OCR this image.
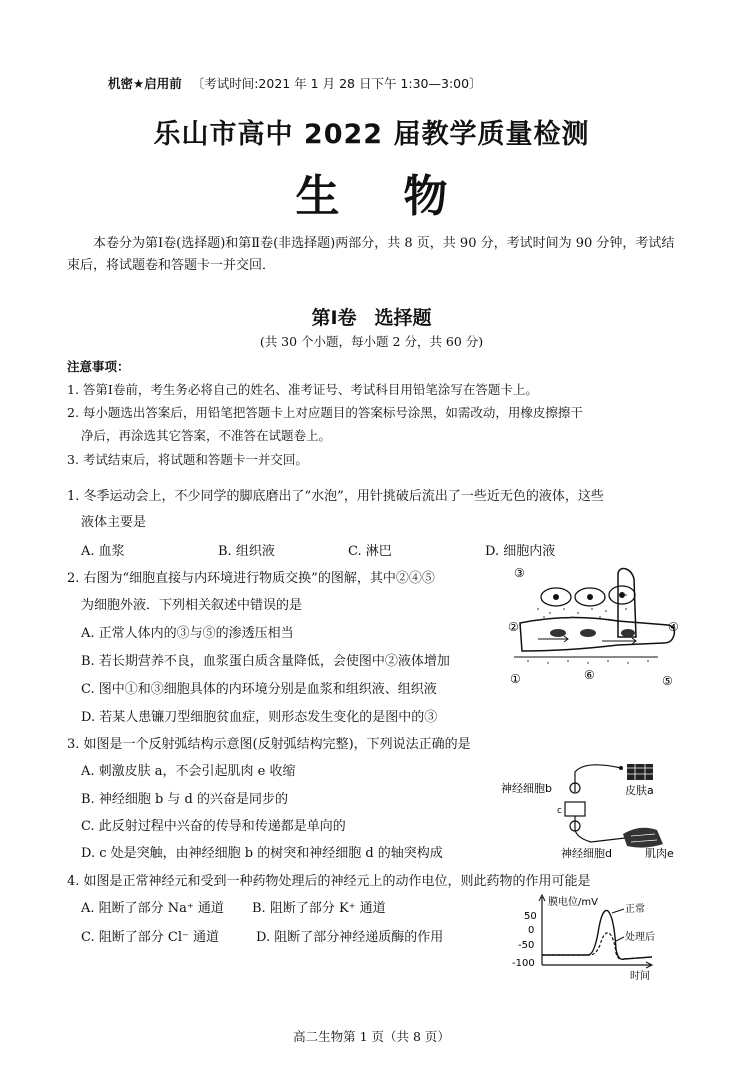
机密★启用前 〔考试时间:2021 年 1 月 28 日下午 1:30—3:00〕
乐山市高中 2022 届教学质量检测
生物
本卷分为第Ⅰ卷(选择题)和第Ⅱ卷(非选择题)两部分，共 8 页，共 90 分，考试时间为 90 分钟，考试结束后，将试题卷和答题卡一并交回．
第Ⅰ卷 选择题
(共 30 个小题，每小题 2 分，共 60 分)
注意事项：
1. 答第Ⅰ卷前，考生务必将自己的姓名、准考证号、考试科目用铅笔涂写在答题卡上。
2. 每小题选出答案后，用铅笔把答题卡上对应题目的答案标号涂黑，如需改动，用橡皮擦擦干
净后，再涂选其它答案，不准答在试题卷上。
3. 考试结束后，将试题和答题卡一并交回。
1. 冬季运动会上，不少同学的脚底磨出了“水泡”，用针挑破后流出了一些近无色的液体，这些
液体主要是
A. 血浆	B. 组织液	C. 淋巴	D. 细胞内液
2. 右图为“细胞直接与内环境进行物质交换”的图解，其中②④⑤
为细胞外液．下列相关叙述中错误的是
A. 正常人体内的③与⑤的渗透压相当
B. 若长期营养不良，血浆蛋白质含量降低，会使图中②液体增加
C. 图中①和③细胞具体的内环境分别是血浆和组织液、组织液
D. 若某人患镰刀型细胞贫血症，则形态发生变化的是图中的③
③
②	④
①	⑥	⑤
3. 如图是一个反射弧结构示意图(反射弧结构完整)，下列说法正确的是
A. 刺激皮肤 a，不会引起肌肉 e 收缩
B. 神经细胞 b 与 d 的兴奋是同步的
C. 此反射过程中兴奋的传导和传递都是单向的
D. c 处是突触，由神经细胞 b 的树突和神经细胞 d 的轴突构成
c
神经细胞b	皮肤a
神经细胞d	肌肉e
4. 如图是正常神经元和受到一种药物处理后的神经元上的动作电位，则此药物的作用可能是
A. 阻断了部分 Na⁺ 通道 B. 阻断了部分 K⁺ 通道
C. 阻断了部分 Cl⁻ 通道	D. 阻断了部分神经递质酶的作用
膜电位/mV
时间
50
0
-50
-100
正常
处理后
高二生物第 1 页（共 8 页）
